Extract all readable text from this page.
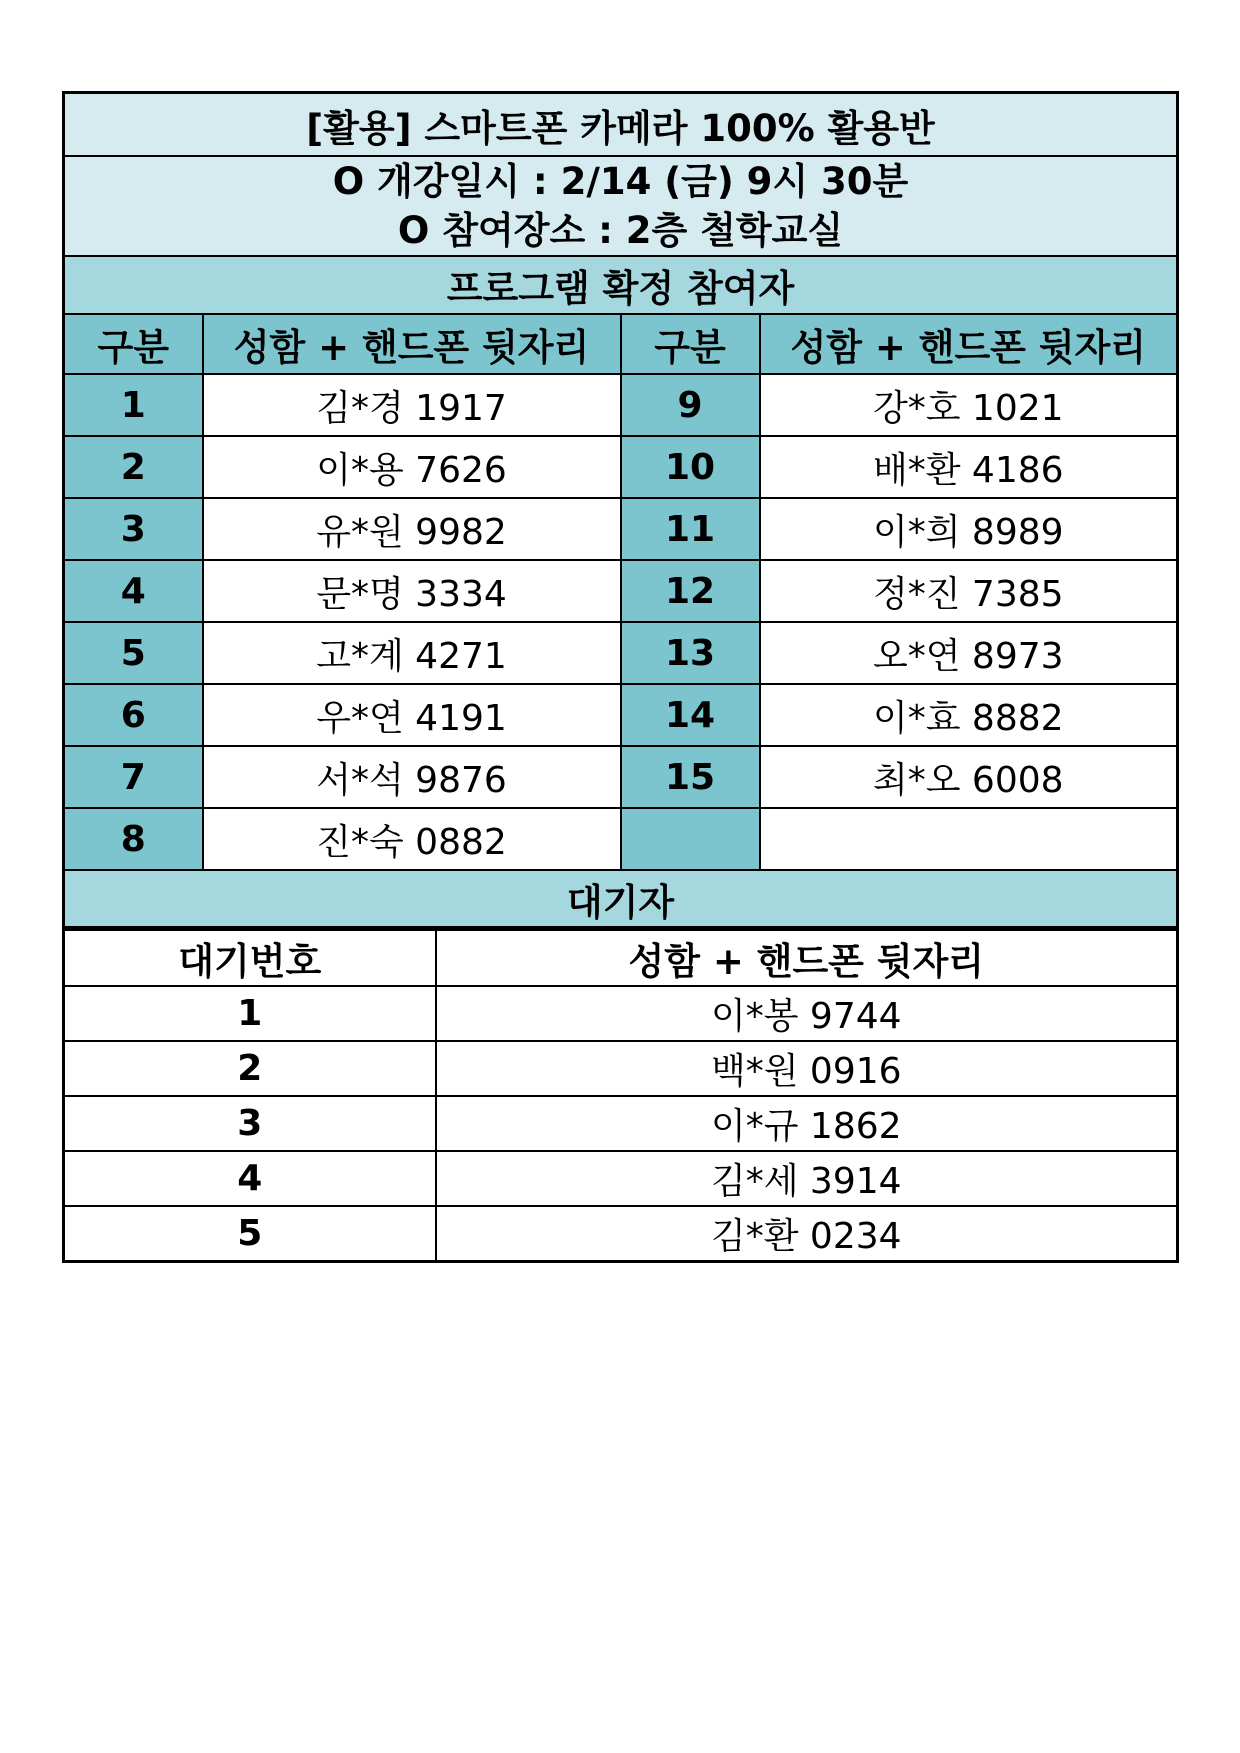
[활용] 스마트폰 카메라 100% 활용반			

O 개강일시 : 2/14 (금) 9시 30분
O 참여장소 : 2층 철학교실			

프로그램 확정 참여자			
구분	성함 + 핸드폰 뒷자리	구분	성함 + 핸드폰 뒷자리
1	김*경 1917	9	강*호 1021
2	이*용 7626	10	배*환 4186
3	유*원 9982	11	이*희 8989
4	문*명 3334	12	정*진 7385
5	고*계 4271	13	오*연 8973
6	우*연 4191	14	이*효 8882
7	서*석 9876	15	최*오 6008
8	진*숙 0882		
대기자			
대기번호	성함 + 핸드폰 뒷자리
1	이*봉 9744
2	백*원 0916
3	이*규 1862
4	김*세 3914
5	김*환 0234
